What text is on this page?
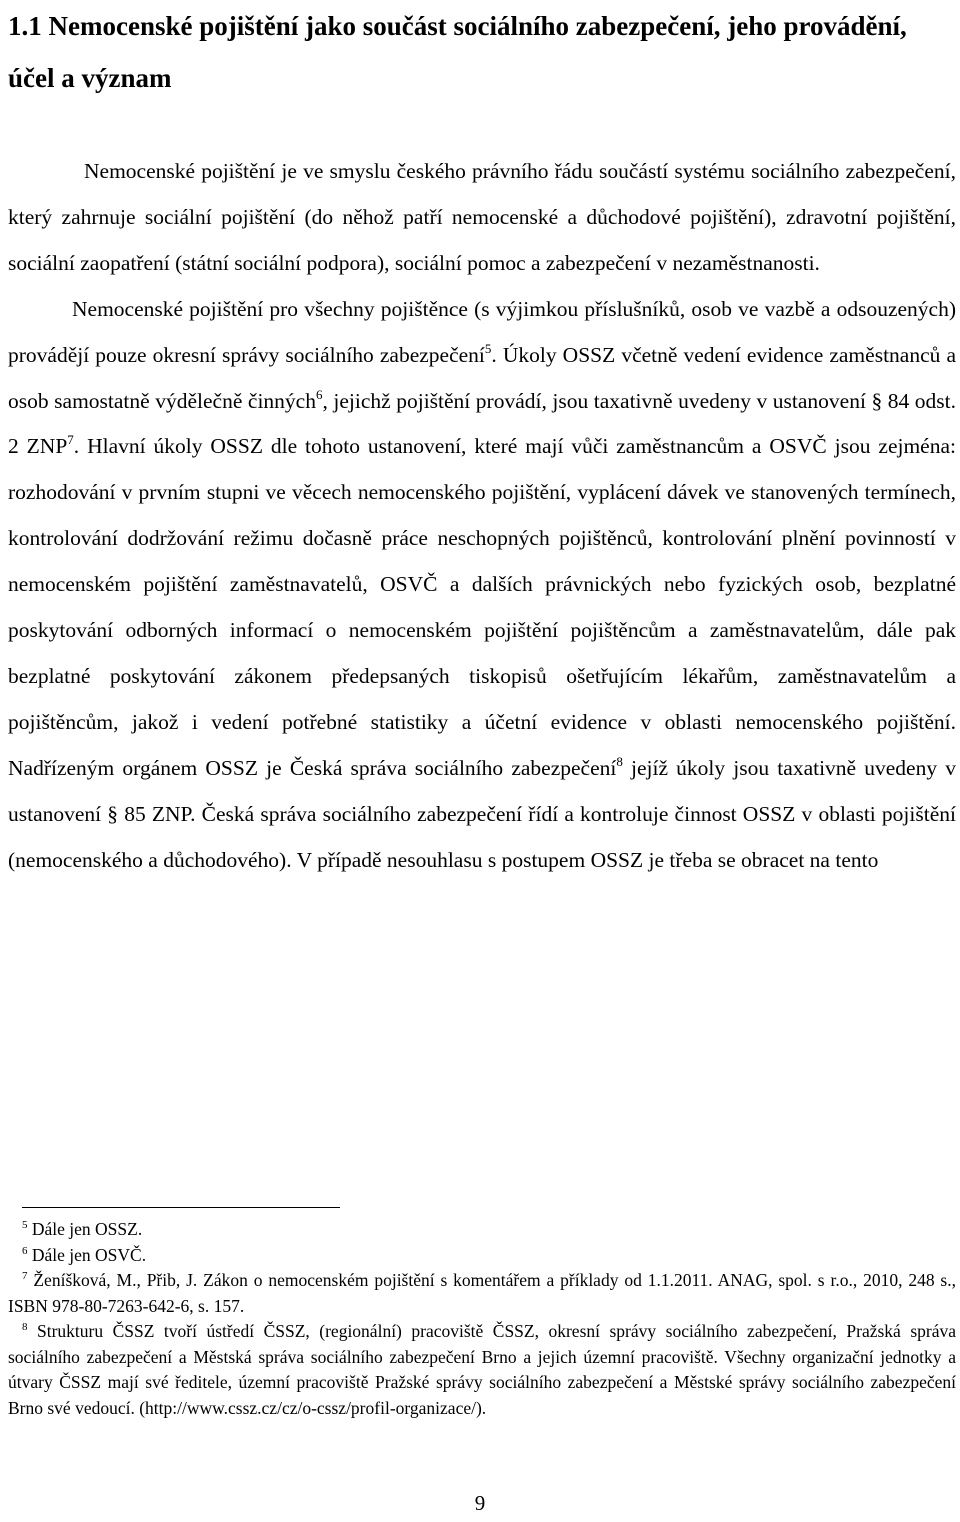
1.1 Nemocenské pojištění jako součást sociálního zabezpečení, jeho provádění, účel a význam

Nemocenské pojištění je ve smyslu českého právního řádu součástí systému sociálního zabezpečení, který zahrnuje sociální pojištění (do něhož patří nemocenské a důchodové pojištění), zdravotní pojištění, sociální zaopatření (státní sociální podpora), sociální pomoc a zabezpečení v nezaměstnanosti.

Nemocenské pojištění pro všechny pojištěnce (s výjimkou příslušníků, osob ve vazbě a odsouzených) provádějí pouze okresní správy sociálního zabezpečení$^5$. Úkoly OSSZ včetně vedení evidence zaměstnanců a osob samostatně výdělečně činných$^6$, jejichž pojištění provádí, jsou taxativně uvedeny v ustanovení § 84 odst. 2 ZNP$^7$. Hlavní úkoly OSSZ dle tohoto ustanovení, které mají vůči zaměstnancům a OSVČ jsou zejména: rozhodování v prvním stupni ve věcech nemocenského pojištění, vyplácení dávek ve stanovených termínech, kontrolování dodržování režimu dočasně práce neschopných pojištěnců, kontrolování plnění povinností v nemocenském pojištění zaměstnavatelů, OSVČ a dalších právnických nebo fyzických osob, bezplatné poskytování odborných informací o nemocenském pojištění pojištěncům a zaměstnavatelům, dále pak bezplatné poskytování zákonem předepsaných tiskopisů ošetřujícím lékařům, zaměstnavatelům a pojištěncům, jakož i vedení potřebné statistiky a účetní evidence v oblasti nemocenského pojištění. Nadřízeným orgánem OSSZ je Česká správa sociálního zabezpečení$^8$ jejíž úkoly jsou taxativně uvedeny v ustanovení § 85 ZNP. Česká správa sociálního zabezpečení řídí a kontroluje činnost OSSZ v oblasti pojištění (nemocenského a důchodového). V případě nesouhlasu s postupem OSSZ je třeba se obracet na tento

$^5$ Dále jen OSSZ.

$^6$ Dále jen OSVČ.

$^7$ Ženíšková, M., Přib, J. Zákon o nemocenském pojištění s komentářem a příklady od 1.1.2011. ANAG, spol. s r.o., 2010, 248 s., ISBN 978-80-7263-642-6, s. 157.

$^8$ Strukturu ČSSZ tvoří ústředí ČSSZ, (regionální) pracoviště ČSSZ, okresní správy sociálního zabezpečení, Pražská správa sociálního zabezpečení a Městská správa sociálního zabezpečení Brno a jejich územní pracoviště. Všechny organizační jednotky a útvary ČSSZ mají své ředitele, územní pracoviště Pražské správy sociálního zabezpečení a Městské správy sociálního zabezpečení Brno své vedoucí. (http://www.cssz.cz/cz/o-cssz/profil-organizace/).

9
